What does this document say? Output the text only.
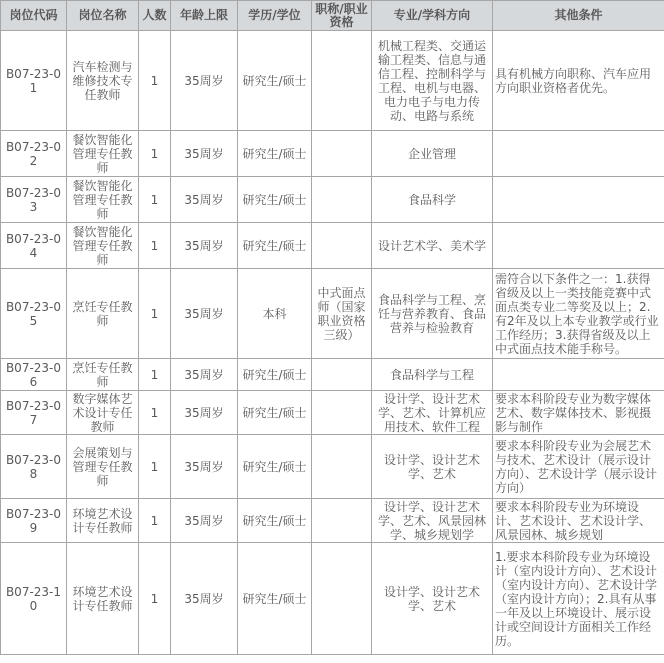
岗位代码	岗位名称	人数	年龄上限	学历/学位	职称/职业资格	专业/学科方向	其他条件
B07-23-01	汽车检测与维修技术专任教师	1	35周岁	研究生/硕士		机械工程类、交通运输工程类、信息与通信工程、控制科学与工程、电机与电器、电力电子与电力传动、电路与系统	具有机械方向职称、汽车应用方向职业资格者优先。
B07-23-02	餐饮智能化管理专任教师	1	35周岁	研究生/硕士		企业管理	
B07-23-03	餐饮智能化管理专任教师	1	35周岁	研究生/硕士		食品科学	
B07-23-04	餐饮智能化管理专任教师	1	35周岁	研究生/硕士		设计艺术学、美术学	
B07-23-05	烹饪专任教师	1	35周岁	本科	中式面点师（国家职业资格三级）	食品科学与工程、烹饪与营养教育、食品营养与检验教育	需符合以下条件之一：1.获得省级及以上一类技能竞赛中式面点类专业二等奖及以上；2.有2年及以上本专业教学或行业工作经历；3.获得省级及以上中式面点技术能手称号。
B07-23-06	烹饪专任教师	1	35周岁	研究生/硕士		食品科学与工程	
B07-23-07	数字媒体艺术设计专任教师	1	35周岁	研究生/硕士		设计学、设计艺术学、艺术、计算机应用技术、软件工程	要求本科阶段专业为数字媒体艺术、数字媒体技术、影视摄影与制作
B07-23-08	会展策划与管理专任教师	1	35周岁	研究生/硕士		设计学、设计艺术学、艺术	要求本科阶段专业为会展艺术与技术、艺术设计（展示设计方向）、艺术设计学（展示设计方向）
B07-23-09	环境艺术设计专任教师	1	35周岁	研究生/硕士		设计学、设计艺术学、艺术、风景园林学、城乡规划学	要求本科阶段专业为环境设计、艺术设计、艺术设计学、风景园林、城乡规划
B07-23-10	环境艺术设计专任教师	1	35周岁	研究生/硕士		设计学、设计艺术学、艺术	1.要求本科阶段专业为环境设计（室内设计方向）、艺术设计（室内设计方向）、艺术设计学（室内设计方向）；2.具有从事一年及以上环境设计、展示设计或空间设计方面相关工作经历。
